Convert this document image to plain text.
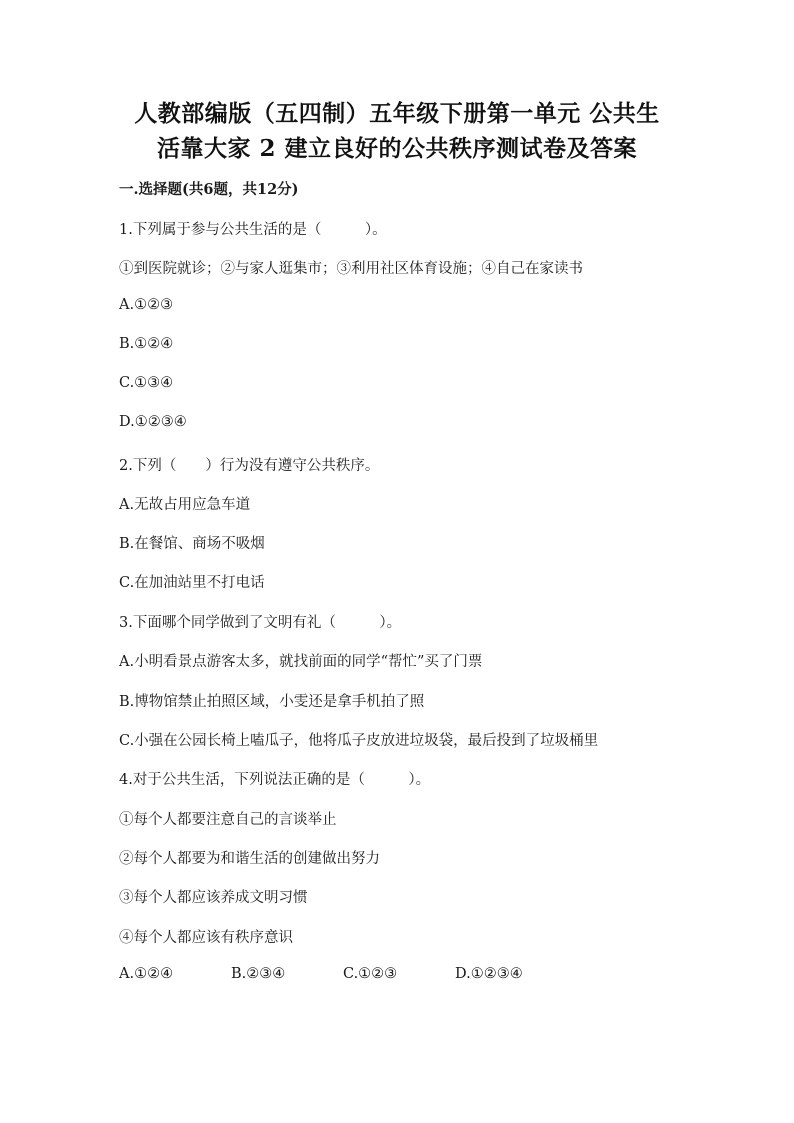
人教部编版（五四制）五年级下册第一单元 公共生
活靠大家 2 建立良好的公共秩序测试卷及答案
一.选择题(共6题，共12分)
1.下列属于参与公共生活的是（　　　）。
①到医院就诊；②与家人逛集市；③利用社区体育设施；④自己在家读书
A.①②③
B.①②④
C.①③④
D.①②③④
2.下列（　　）行为没有遵守公共秩序。
A.无故占用应急车道
B.在餐馆、商场不吸烟
C.在加油站里不打电话
3.下面哪个同学做到了文明有礼（　　　）。
A.小明看景点游客太多，就找前面的同学“帮忙”买了门票
B.博物馆禁止拍照区域，小雯还是拿手机拍了照
C.小强在公园长椅上嗑瓜子，他将瓜子皮放进垃圾袋，最后投到了垃圾桶里
4.对于公共生活，下列说法正确的是（　　　）。
①每个人都要注意自己的言谈举止
②每个人都要为和谐生活的创建做出努力
③每个人都应该养成文明习惯
④每个人都应该有秩序意识
A.①②④	B.②③④	C.①②③	D.①②③④
